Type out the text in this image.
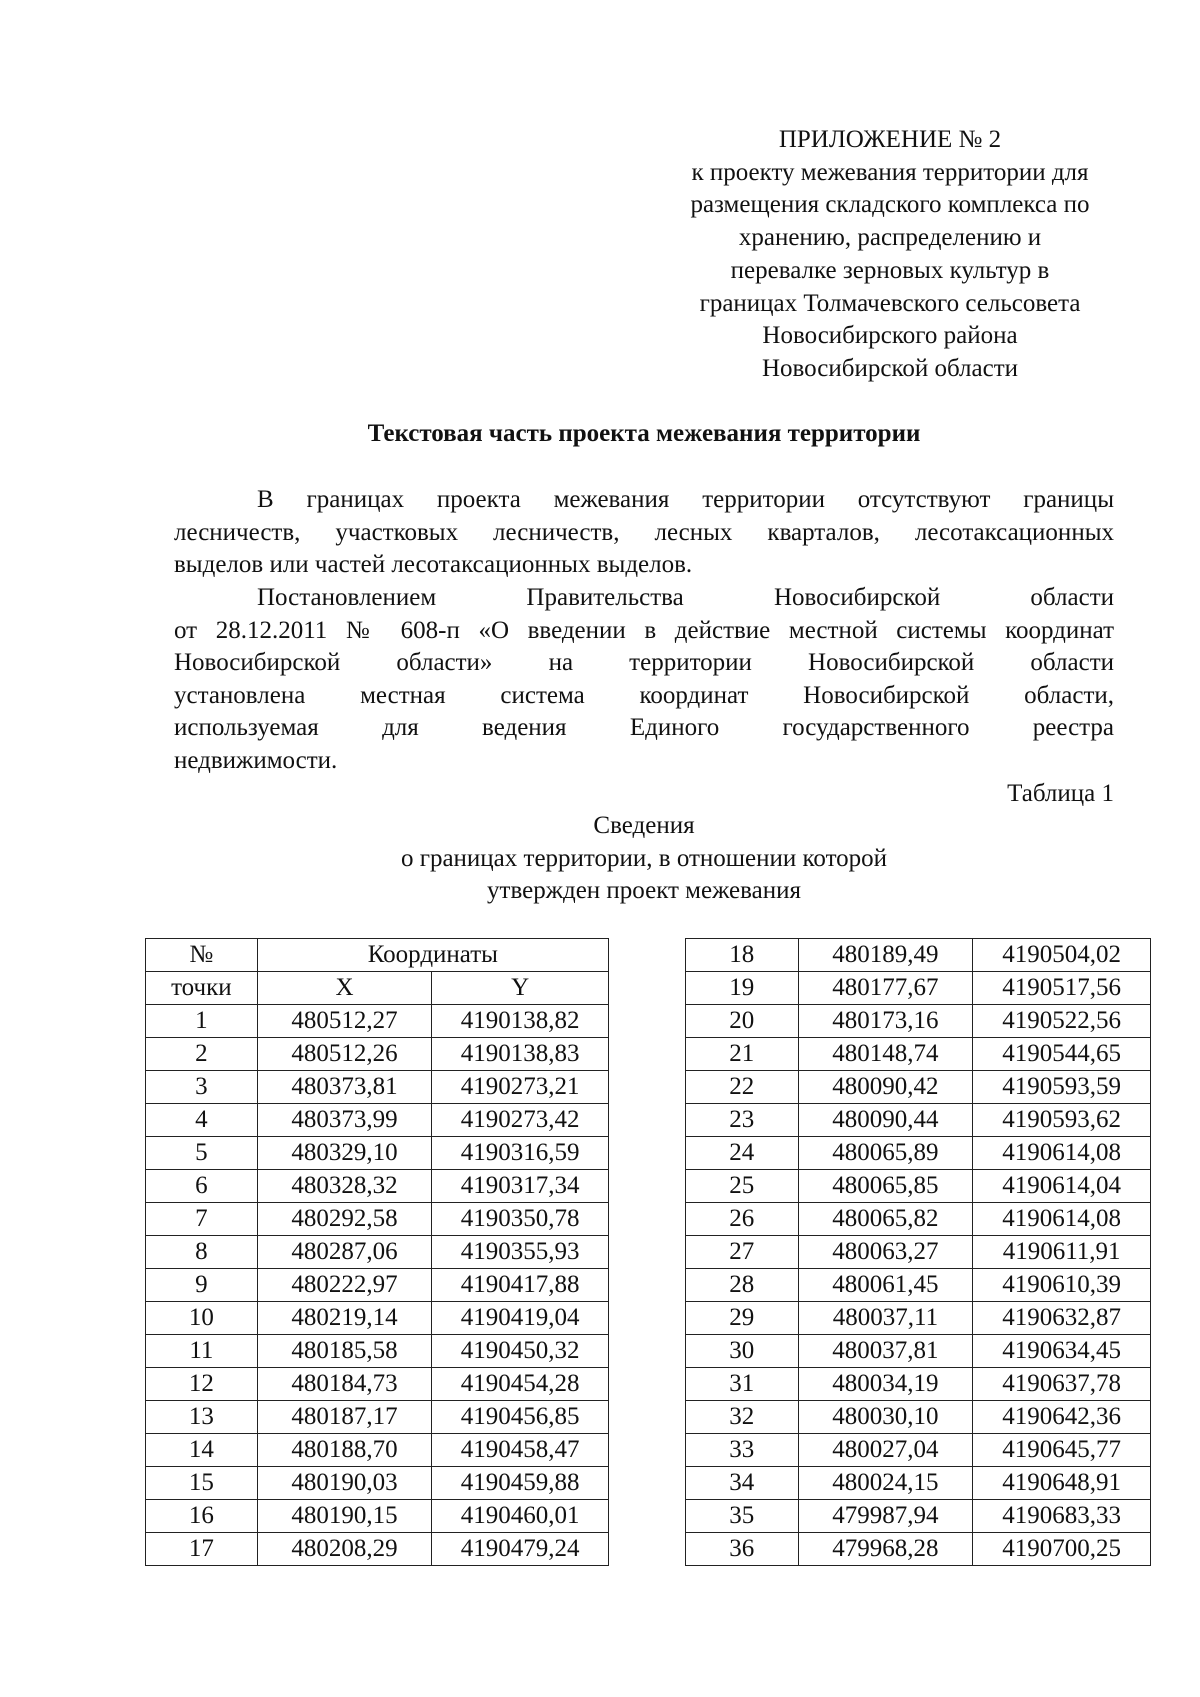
ПРИЛОЖЕНИЕ № 2
к проекту межевания территории для
размещения складского комплекса по
хранению, распределению и
перевалке зерновых культур в
границах Толмачевского сельсовета
Новосибирского района
Новосибирской области
Текстовая часть проекта межевания территории
В границах проекта межевания территории отсутствуют границы
лесничеств, участковых лесничеств, лесных кварталов, лесотаксационных
выделов или частей лесотаксационных выделов.
Постановлением Правительства Новосибирской области
от 28.12.2011 № 608-п «О введении в действие местной системы координат
Новосибирской области» на территории Новосибирской области
установлена местная система координат Новосибирской области,
используемая для ведения Единого государственного реестра
недвижимости.
Таблица 1
Сведения
о границах территории, в отношении которой
утвержден проект межевания
№	Координаты	
точки	X	Y
1	480512,27	4190138,82
2	480512,26	4190138,83
3	480373,81	4190273,21
4	480373,99	4190273,42
5	480329,10	4190316,59
6	480328,32	4190317,34
7	480292,58	4190350,78
8	480287,06	4190355,93
9	480222,97	4190417,88
10	480219,14	4190419,04
11	480185,58	4190450,32
12	480184,73	4190454,28
13	480187,17	4190456,85
14	480188,70	4190458,47
15	480190,03	4190459,88
16	480190,15	4190460,01
17	480208,29	4190479,24
18	480189,49	4190504,02
19	480177,67	4190517,56
20	480173,16	4190522,56
21	480148,74	4190544,65
22	480090,42	4190593,59
23	480090,44	4190593,62
24	480065,89	4190614,08
25	480065,85	4190614,04
26	480065,82	4190614,08
27	480063,27	4190611,91
28	480061,45	4190610,39
29	480037,11	4190632,87
30	480037,81	4190634,45
31	480034,19	4190637,78
32	480030,10	4190642,36
33	480027,04	4190645,77
34	480024,15	4190648,91
35	479987,94	4190683,33
36	479968,28	4190700,25
